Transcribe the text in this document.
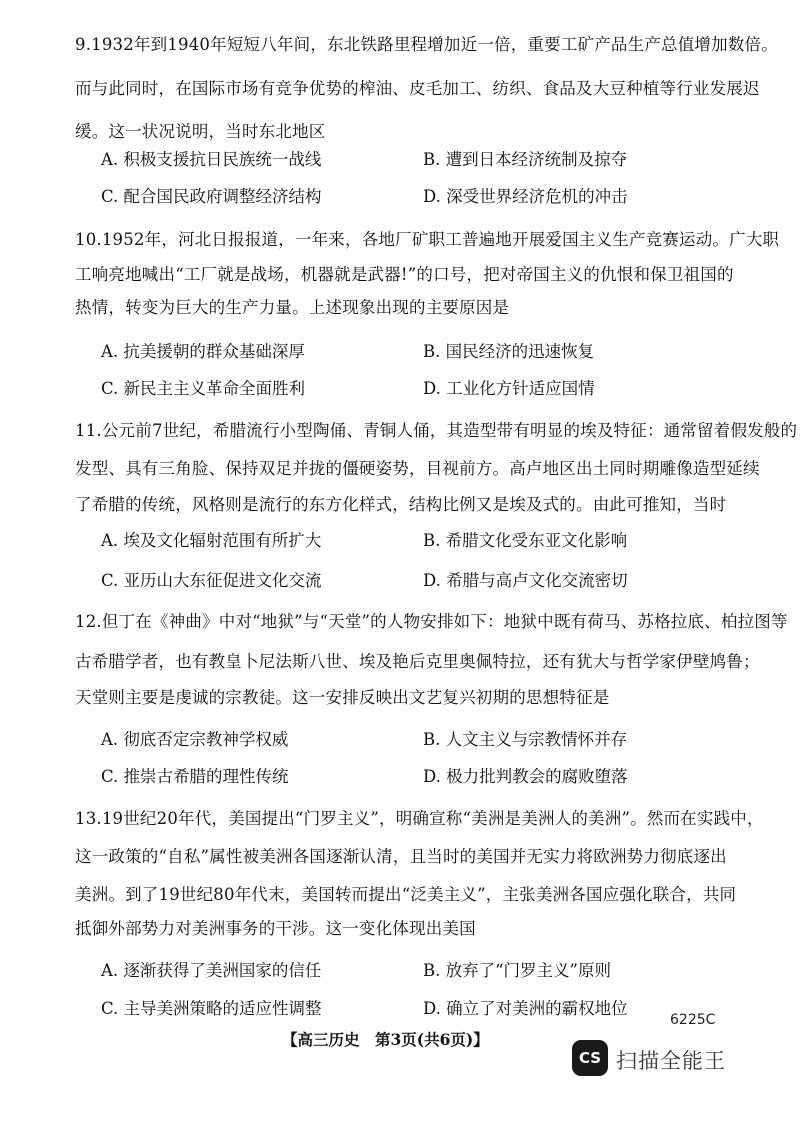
9.1932年到1940年短短八年间，东北铁路里程增加近一倍，重要工矿产品生产总值增加数倍。
而与此同时，在国际市场有竞争优势的榨油、皮毛加工、纺织、食品及大豆种植等行业发展迟
缓。这一状况说明，当时东北地区
A. 积极支援抗日民族统一战线	B. 遭到日本经济统制及掠夺
C. 配合国民政府调整经济结构	D. 深受世界经济危机的冲击
10.1952年，河北日报报道，一年来，各地厂矿职工普遍地开展爱国主义生产竞赛运动。广大职
工响亮地喊出“工厂就是战场，机器就是武器!”的口号，把对帝国主义的仇恨和保卫祖国的
热情，转变为巨大的生产力量。上述现象出现的主要原因是
A. 抗美援朝的群众基础深厚	B. 国民经济的迅速恢复
C. 新民主主义革命全面胜利	D. 工业化方针适应国情
11.公元前7世纪，希腊流行小型陶俑、青铜人俑，其造型带有明显的埃及特征：通常留着假发般的
发型、具有三角脸、保持双足并拢的僵硬姿势，目视前方。高卢地区出土同时期雕像造型延续
了希腊的传统，风格则是流行的东方化样式，结构比例又是埃及式的。由此可推知，当时
A. 埃及文化辐射范围有所扩大	B. 希腊文化受东亚文化影响
C. 亚历山大东征促进文化交流	D. 希腊与高卢文化交流密切
12.但丁在《神曲》中对“地狱”与“天堂”的人物安排如下：地狱中既有荷马、苏格拉底、柏拉图等
古希腊学者，也有教皇卜尼法斯八世、埃及艳后克里奥佩特拉，还有犹大与哲学家伊壁鸠鲁；
天堂则主要是虔诚的宗教徒。这一安排反映出文艺复兴初期的思想特征是
A. 彻底否定宗教神学权威	B. 人文主义与宗教情怀并存
C. 推崇古希腊的理性传统	D. 极力批判教会的腐败堕落
13.19世纪20年代，美国提出“门罗主义”，明确宣称“美洲是美洲人的美洲”。然而在实践中，
这一政策的“自私”属性被美洲各国逐渐认清，且当时的美国并无实力将欧洲势力彻底逐出
美洲。到了19世纪80年代末，美国转而提出“泛美主义”，主张美洲各国应强化联合，共同
抵御外部势力对美洲事务的干涉。这一变化体现出美国
A. 逐渐获得了美洲国家的信任	B. 放弃了“门罗主义”原则
C. 主导美洲策略的适应性调整	D. 确立了对美洲的霸权地位
【高三历史　第3页(共6页)】
6225C
CS 扫描全能王
